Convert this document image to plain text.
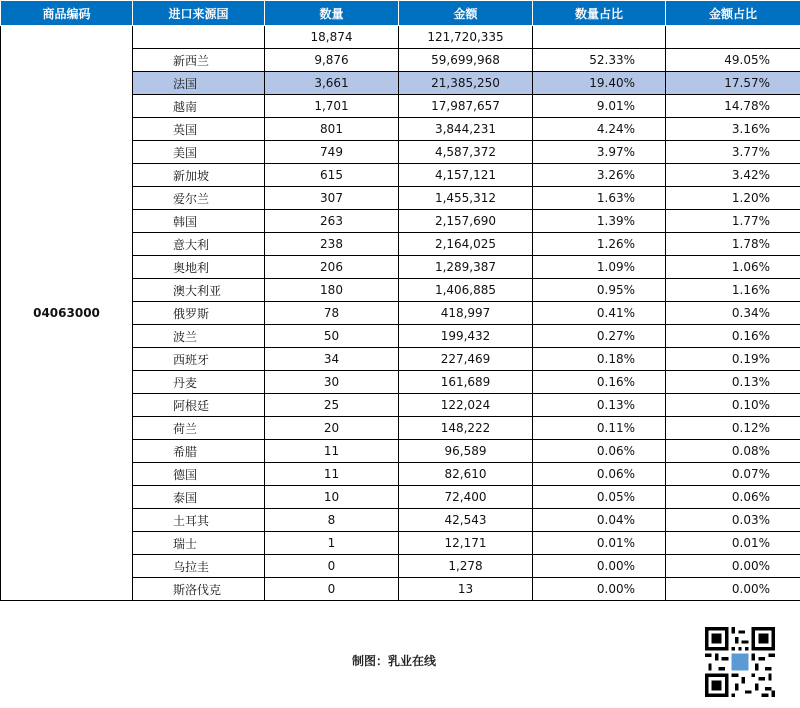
商品编码	进口来源国	数量	金额	数量占比	金额占比
04063000		18,874	121,720,335		
	新西兰	9,876	59,699,968	52.33%	49.05%
	法国	3,661	21,385,250	19.40%	17.57%
	越南	1,701	17,987,657	9.01%	14.78%
	英国	801	3,844,231	4.24%	3.16%
	美国	749	4,587,372	3.97%	3.77%
	新加坡	615	4,157,121	3.26%	3.42%
	爱尔兰	307	1,455,312	1.63%	1.20%
	韩国	263	2,157,690	1.39%	1.77%
	意大利	238	2,164,025	1.26%	1.78%
	奥地利	206	1,289,387	1.09%	1.06%
	澳大利亚	180	1,406,885	0.95%	1.16%
	俄罗斯	78	418,997	0.41%	0.34%
	波兰	50	199,432	0.27%	0.16%
	西班牙	34	227,469	0.18%	0.19%
	丹麦	30	161,689	0.16%	0.13%
	阿根廷	25	122,024	0.13%	0.10%
	荷兰	20	148,222	0.11%	0.12%
	希腊	11	96,589	0.06%	0.08%
	德国	11	82,610	0.06%	0.07%
	泰国	10	72,400	0.05%	0.06%
	土耳其	8	42,543	0.04%	0.03%
	瑞士	1	12,171	0.01%	0.01%
	乌拉圭	0	1,278	0.00%	0.00%
	斯洛伐克	0	13	0.00%	0.00%
制图：乳业在线
